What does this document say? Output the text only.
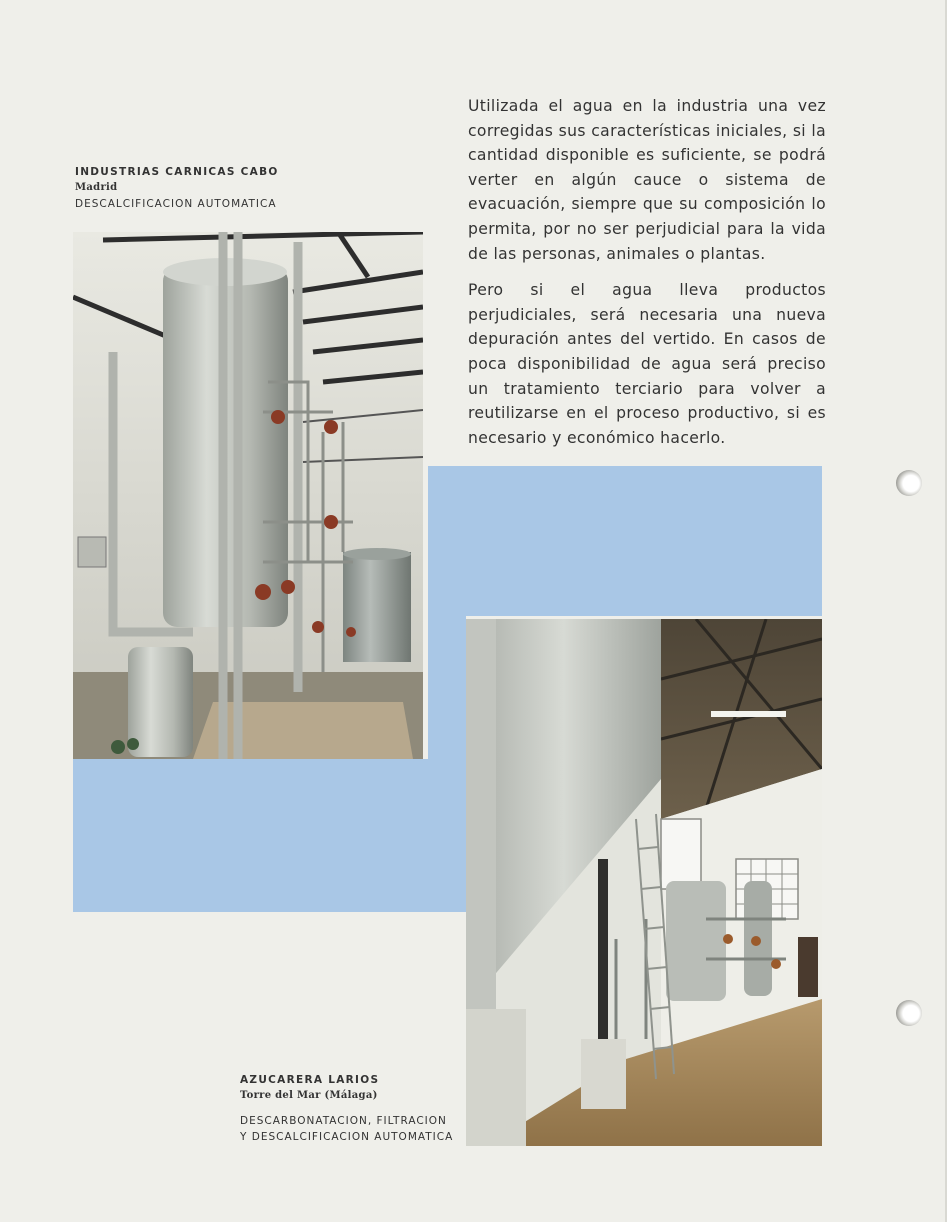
Utilizada el agua en la industria una vez corregidas sus características iniciales, si la cantidad disponible es suficiente, se podrá verter en algún cauce o sistema de evacuación, siempre que su composición lo permita, por no ser perjudicial para la vida de las personas, animales o plantas.

Pero si el agua lleva productos perjudiciales, será necesaria una nueva depuración antes del vertido. En casos de poca disponibilidad de agua será preciso un tratamiento terciario para volver a reutilizarse en el proceso productivo, si es necesario y económico hacerlo.

INDUSTRIAS CARNICAS CABO
Madrid
DESCALCIFICACION AUTOMATICA
AZUCARERA LARIOS
Torre del Mar (Málaga)
DESCARBONATACION, FILTRACION
Y DESCALCIFICACION AUTOMATICA
